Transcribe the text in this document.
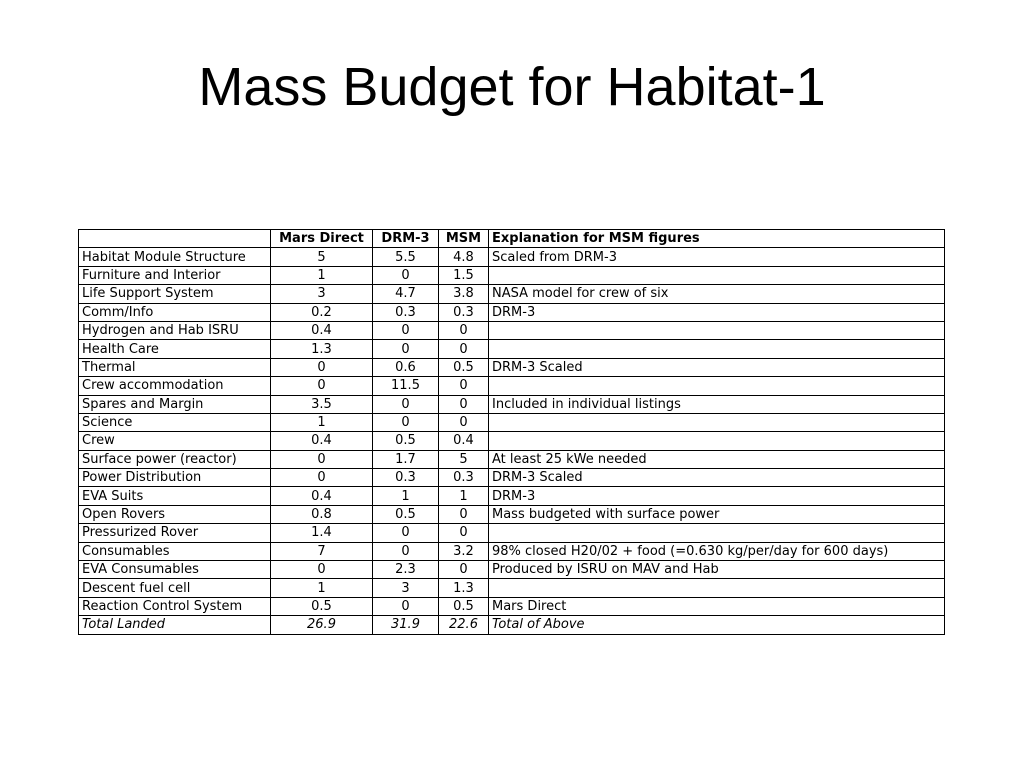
Mass Budget for Habitat-1
	Mars Direct	DRM-3	MSM	Explanation for MSM figures
Habitat Module Structure	5	5.5	4.8	Scaled from DRM-3
Furniture and Interior	1	0	1.5	
Life Support System	3	4.7	3.8	NASA model for crew of six
Comm/Info	0.2	0.3	0.3	DRM-3
Hydrogen and Hab ISRU	0.4	0	0	
Health Care	1.3	0	0	
Thermal	0	0.6	0.5	DRM-3 Scaled
Crew accommodation	0	11.5	0	
Spares and Margin	3.5	0	0	Included in individual listings
Science	1	0	0	
Crew	0.4	0.5	0.4	
Surface power (reactor)	0	1.7	5	At least 25 kWe needed
Power Distribution	0	0.3	0.3	DRM-3 Scaled
EVA Suits	0.4	1	1	DRM-3
Open Rovers	0.8	0.5	0	Mass budgeted with surface power
Pressurized Rover	1.4	0	0	
Consumables	7	0	3.2	98% closed H20/02 + food (=0.630 kg/per/day for 600 days)
EVA Consumables	0	2.3	0	Produced by ISRU on MAV and Hab
Descent fuel cell	1	3	1.3	
Reaction Control System	0.5	0	0.5	Mars Direct
Total Landed	26.9	31.9	22.6	Total of Above
